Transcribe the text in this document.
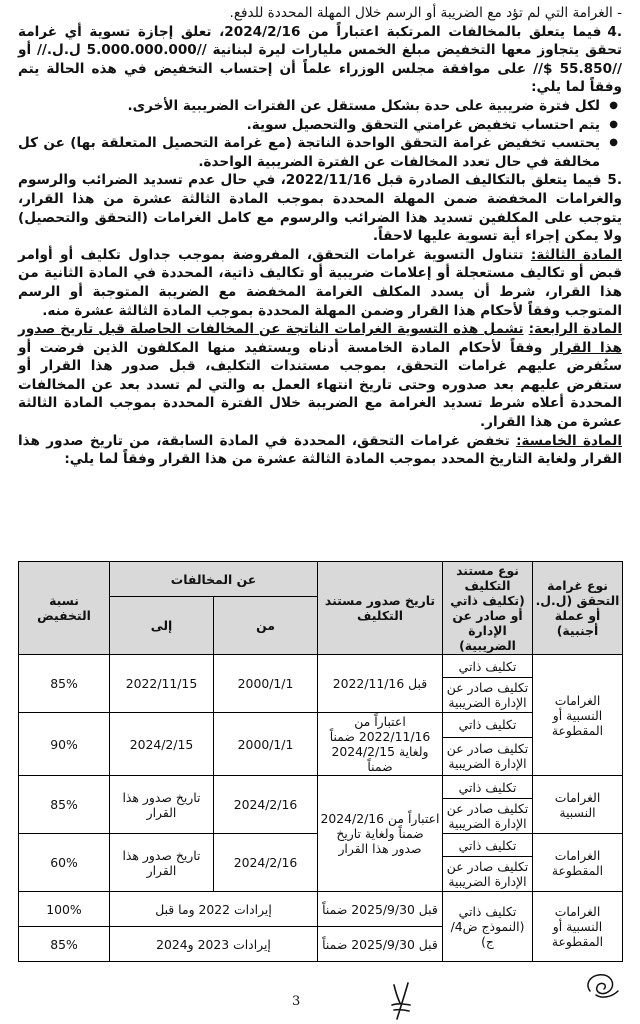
- الغرامة التي لم تؤد مع الضريبة أو الرسم خلال المهلة المحددة للدفع.

.4فيما يتعلق بالمخالفات المرتكبة اعتباراً من 2024/2/16، تعلق إجازة تسوية أي غرامة تحقق يتجاوز معها التخفيض مبلغ الخمس مليارات ليرة لبنانية //5.000.000.000 ل.ل.// أو //55.850 $// على موافقة مجلس الوزراء علماً أن إحتساب التخفيض في هذه الحالة يتم وفقاً لما يلي:

● لكل فترة ضريبية على حدة بشكل مستقل عن الفترات الضريبية الأخرى.
● يتم احتساب تخفيض غرامتي التحقق والتحصيل سوية.
● يحتسب تخفيض غرامة التحقق الواحدة الناتجة (مع غرامة التحصيل المتعلقة بها) عن كل مخالفة في حال تعدد المخالفات عن الفترة الضريبية الواحدة.

.5فيما يتعلق بالتكاليف الصادرة قبل 2022/11/16، في حال عدم تسديد الضرائب والرسوم والغرامات المخفضة ضمن المهلة المحددة بموجب المادة الثالثة عشرة من هذا القرار، يتوجب على المكلفين تسديد هذا الضرائب والرسوم مع كامل الغرامات (التحقق والتحصيل) ولا يمكن إجراء أية تسوية عليها لاحقاً.

المادة الثالثة: تتناول التسوية غرامات التحقق، المفروضة بموجب جداول تكليف أو أوامر قبض أو تكاليف مستعجلة أو إعلامات ضريبية أو تكاليف ذاتية، المحددة في المادة الثانية من هذا القرار، شرط أن يسدد المكلف الغرامة المخفضة مع الضريبة المتوجبة أو الرسم المتوجب وفقاً لأحكام هذا القرار وضمن المهلة المحددة بموجب المادة الثالثة عشرة منه.

المادة الرابعة: تشمل هذه التسوية الغرامات الناتجة عن المخالفات الحاصلة قبل تاريخ صدور هذا القرار وفقاً لأحكام المادة الخامسة أدناه ويستفيد منها المكلفون الذين فرضت أو ستُفرض عليهم غرامات التحقق، بموجب مستندات التكليف، قبل صدور هذا القرار أو ستفرض عليهم بعد صدوره وحتى تاريخ انتهاء العمل به والتي لم تسدد بعد عن المخالفات المحددة أعلاه شرط تسديد الغرامة مع الضريبة خلال الفترة المحددة بموجب المادة الثالثة عشرة من هذا القرار.

المادة الخامسة: تخفض غرامات التحقق، المحددة في المادة السابقة، من تاريخ صدور هذا القرار ولغاية التاريخ المحدد بموجب المادة الثالثة عشرة من هذا القرار وفقاً لما يلي:

نوع غرامة التحقق (ل.ل. أو عملة أجنبية)	نوع مستند التكليف (تكليف ذاتي أو صادر عن الإدارة الضريبية)	تاريخ صدور مستند التكليف	عن المخالفات		نسبة التخفيض
			من	إلى	
الغرامات النسبية أو المقطوعة	تكليف ذاتي	قبل 2022/11/16	2000/1/1	2022/11/15	85%
	تكليف صادر عن الإدارة الضريبية				
	تكليف ذاتي	اعتباراً من 2022/11/16 ضمناً ولغاية 2024/2/15 ضمناً	2000/1/1	2024/2/15	90%
	تكليف صادر عن الإدارة الضريبية				
الغرامات النسبية	تكليف ذاتي	اعتباراً من 2024/2/16 ضمناً ولغاية تاريخ صدور هذا القرار	2024/2/16	تاريخ صدور هذا القرار	85%
	تكليف صادر عن الإدارة الضريبية				
الغرامات المقطوعة	تكليف ذاتي		2024/2/16	تاريخ صدور هذا القرار	60%
	تكليف صادر عن الإدارة الضريبية				
الغرامات النسبية أو المقطوعة	تكليف ذاتي (النموذج ض4/ج)	قبل 2025/9/30 ضمناً	إيرادات 2022 وما قبل		100%
		قبل 2025/9/30 ضمناً	إيرادات 2023 و2024		85%
3
